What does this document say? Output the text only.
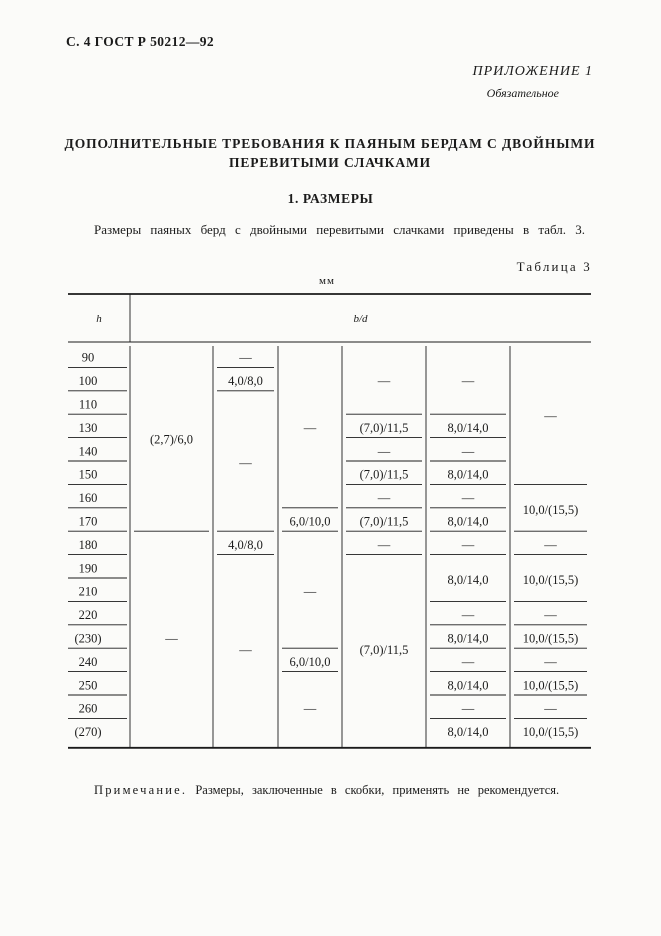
С. 4 ГОСТ Р 50212—92
ПРИЛОЖЕНИЕ 1
Обязательное
ДОПОЛНИТЕЛЬНЫЕ ТРЕБОВАНИЯ К ПАЯНЫМ БЕРДАМ С ДВОЙНЫМИ ПЕРЕВИТЫМИ СЛАЧКАМИ
1. РАЗМЕРЫ
Размеры паяных берд с двойными перевитыми слачками приведены в табл. 3.
Таблица 3
мм
h	b/d
90
100
110
130
140
150
160
170
180
190
210
220
(230)
240
250
260
(270)
(2,7)/6,0
—
—
4,0/8,0
—
4,0/8,0
—
—
6,0/10,0
—
6,0/10,0
—
—
(7,0)/11,5
—
(7,0)/11,5
—
(7,0)/11,5
—
(7,0)/11,5
—
8,0/14,0
—
8,0/14,0
—
8,0/14,0
—
8,0/14,0
—
8,0/14,0
—
8,0/14,0
—
8,0/14,0
—
10,0/(15,5)
—
10,0/(15,5)
—
10,0/(15,5)
—
10,0/(15,5)
—
10,0/(15,5)
Примечание. Размеры, заключенные в скобки, применять не рекомендуется.
